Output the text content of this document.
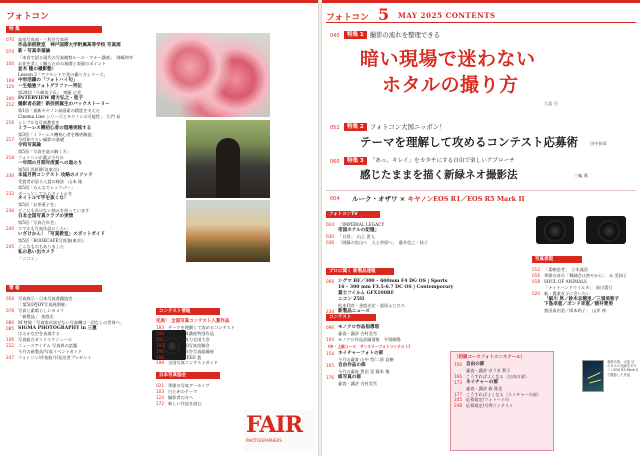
フォトコン
特 集
070 高尾写真部・三科会写真展
作品添削教室　神戸国際大学附属高等学校 写真部
074 新・写真幸福論
「本音で語る現代の写真観察ルール・マナー講座」　岡嶋和幸
100 お花を美しく撮るための基礎と表現のポイント
並木 隆の撮影塾！
Lesson 3「アクセントで花の撮り方シリーズ」
108 中形活躍の「フォトハイ句」
120 一生勉強フォトグラファー列伝
第28回「小峰英子氏」　齊藤 正美
200 INTERVIEW 緒方弘之・桂子
212 撮影者必読！新技術誕生のバックストーリー
第1回「最新キヤノン高画素の精度を支えた
Cinema Line シリーズとキヤノンの可能性」　久門 易
216 シンプルな写真教室を
ミラーレス機初心者の現場実践する
第3回「ミラーレス機初心者を徹底解説」
217 今回知りたい撮影の基礎
令和写真論
第5回「写真を読み解く力」
218 フォトコンが選ぶ今月の
一年間の月間年度賞への道のり
第5回 西原健司(東京)
230 本誌月例コンテスト 攻略のメソッド
受賞者が語る入賞の秘訣　山本 隆
第5回「みんなでレッツゴー」
232 ボーっとしてたらタイトルを
タイトルで手を抜くな！
第5回「お茶菓子を」
236 どこにも負けない強みを持っています
日本全国写真クラブの実情
第5回「写真百年会」
240 スマホも写真作品にしたい
いざけかん！「写真教室」スポットガイド
第5回「BOOKCAFE写真塾(東京)」
245 こんなものもありました
私の思い出カメラ
「ニコン」
情 報
058 写真展示・日本写真書籍協会
「第5回PJOY写真展開催」
078 写真と素晴らしいカメラ
「新製品」　金庭光
080 M 特報「写真家が試せない写真機は一切なしの世界へ」
085 SIGMA PHOTOGRAPHY in 三重
はるかな空を表現する
106 写真総合ガイドスケジュール
222 ニューズアイテム 写真界の話題
今月の新製品/写真イベントガイド
247 フォトコン/作家紹介/発送者プレゼント
コンテスト情報
完美！ 全国写真コンテスト入賞作品
183 テーマを理解して攻めるコンテスト
190 第5回 写真講座特別作品
192 第5回 写真力全国大会
193 第5回 全国写真投稿会
194 第5回 三科会写真組織展
196 第7回 PRFED 賞
198 全国写真コンテストガイド
日本写真協会
021 季節の写真アーカイブ
103 白と赤のテーマ
124 撮影者の方へ
172 新しい作品を読む
FAIR
PHOTOGRAPHERS
フォトコン 5 MAY 2025 CONTENTS
040	特集 1 撮影の流れを整理できる
暗い現場で迷わない
ホタルの撮り方
大島 豆
052	特集 2 フォトコン大国ニッポン！
テーマを理解して攻めるコンテスト応募術	田中伸章
060	特集 3 「あっ、キレイ」をカタチにする自由で楽しいアプローチ
感じたままを描く新緑ネオ撮影法	三輪 薫
004 ルーク・オザワ × キヤノンEOS R1／EOS R5 Mark II
フォトコンTV
024 「IMPERIAL LEGACY
帝国ホテルの記憶」
030 「日常」　山上 恵人
036 「阿蘇の里山へ　人と草原へ」　藤井信之・桂子
プロに聞く 新製品速報
008 シグマ BF／300 – 600mm F4 DG OS | Sports
16 – 300 mm F3.5-6.7 DC OS | Contemporary
富士フイルム GFX100RF
ニコン Z5II
松本利彦・金庭光宏・重原ふじひろ
234 新製品ニュース
写真表現
012 「柔軟思考」　立木義浩
016 季節の奇岳「舞踊会は密やかに」　永 美知子
018 SOUL OF ANIMALS
「ナイトハンドウイルカ」　前川貴行
020 新・農業女子に会いたい
「細川 昇／鈴木志穂里／三須美智子
下島幸恵／ポンド幸恵／猿井愛実
賞田真由美／岡本尚子」　山岸 伸
コンテスト
096 モノクロ作品指導塔
審査・講評 吉村美雪
104 モノクロ作品詳細情報　平岡敏陽
《中・上級コース　サンスリーフォトコンテスト》
154 ネイチャーフォトの部
今月の審査 山中 哲/二原 直樹
165 自由作品の部
今月の審査 豊田 晃 藤本 慎
176 組写真の部
審査・講評 吉村美雪
〔初級コースフォトコンスクール〕
150 自由の部
審査・講評 ガラガ 利子
166 こうすればよくなる〈自由の部〉
173 ネイチャーの部
審査・講評 森 貫也
177 こうすればよくなる〈ネイチャーの部〉
245 応募規定/フォトハイ句
248 応募規定/月例コンテスト
表紙写真：大島 豆 ホタルの光跡をキヤノンEOS R5 Mark IIで撮影した作品
